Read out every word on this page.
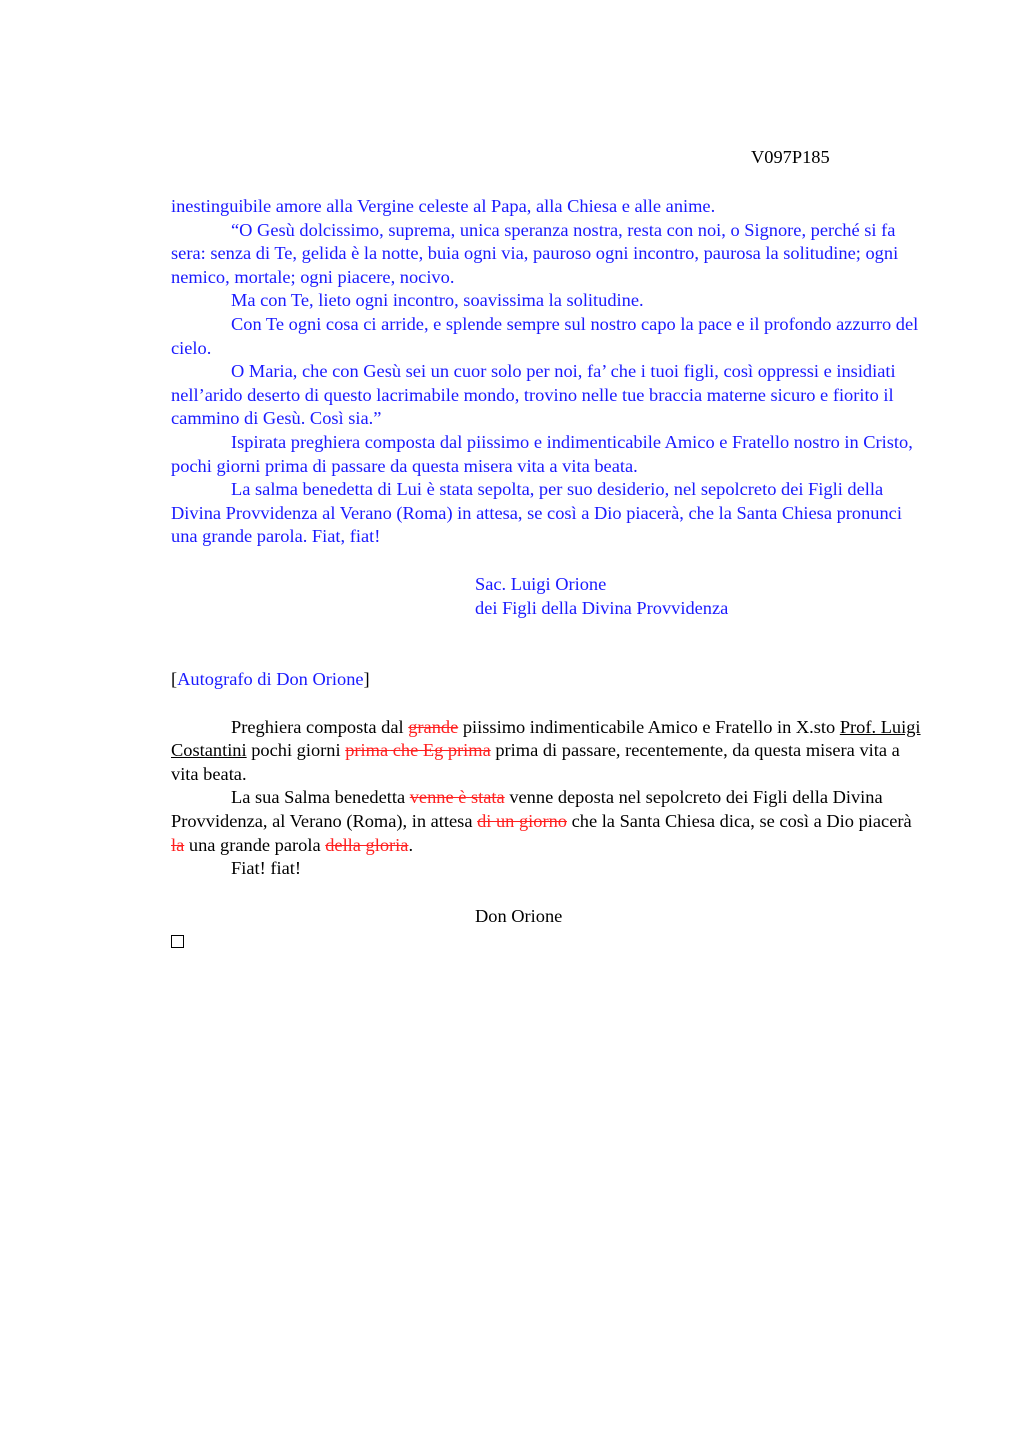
V097P185

inestinguibile amore alla Vergine celeste al Papa, alla Chiesa e alle anime.

“O Gesù dolcissimo, suprema, unica speranza nostra, resta con noi, o Signore, perché si fa sera: senza di Te, gelida è la notte, buia ogni via, pauroso ogni incontro, paurosa la solitudine; ogni nemico, mortale; ogni piacere, nocivo.

Ma con Te, lieto ogni incontro, soavissima la solitudine.

Con Te ogni cosa ci arride, e splende sempre sul nostro capo la pace e il profondo azzurro del cielo.

O Maria, che con Gesù sei un cuor solo per noi, fa’ che i tuoi figli, così oppressi e insidiati nell’arido deserto di questo lacrimabile mondo, trovino nelle tue braccia materne sicuro e fiorito il cammino di Gesù. Così sia.”

Ispirata preghiera composta dal piissimo e indimenticabile Amico e Fratello nostro in Cristo, pochi giorni prima di passare da questa misera vita a vita beata.

La salma benedetta di Lui è stata sepolta, per suo desiderio, nel sepolcreto dei Figli della Divina Provvidenza al Verano (Roma) in attesa, se così a Dio piacerà, che la Santa Chiesa pronunci una grande parola. Fiat, fiat!

Sac. Luigi Orione

dei Figli della Divina Provvidenza

[Autografo di Don Orione]

Preghiera composta dal grande piissimo indimenticabile Amico e Fratello in X.sto Prof. Luigi Costantini pochi giorni prima che Eg prima prima di passare, recentemente, da questa misera vita a vita beata.

La sua Salma benedetta venne è stata venne deposta nel sepolcreto dei Figli della Divina Provvidenza, al Verano (Roma), in attesa di un giorno che la Santa Chiesa dica, se così a Dio piacerà la una grande parola della gloria.

Fiat! fiat!

Don Orione
